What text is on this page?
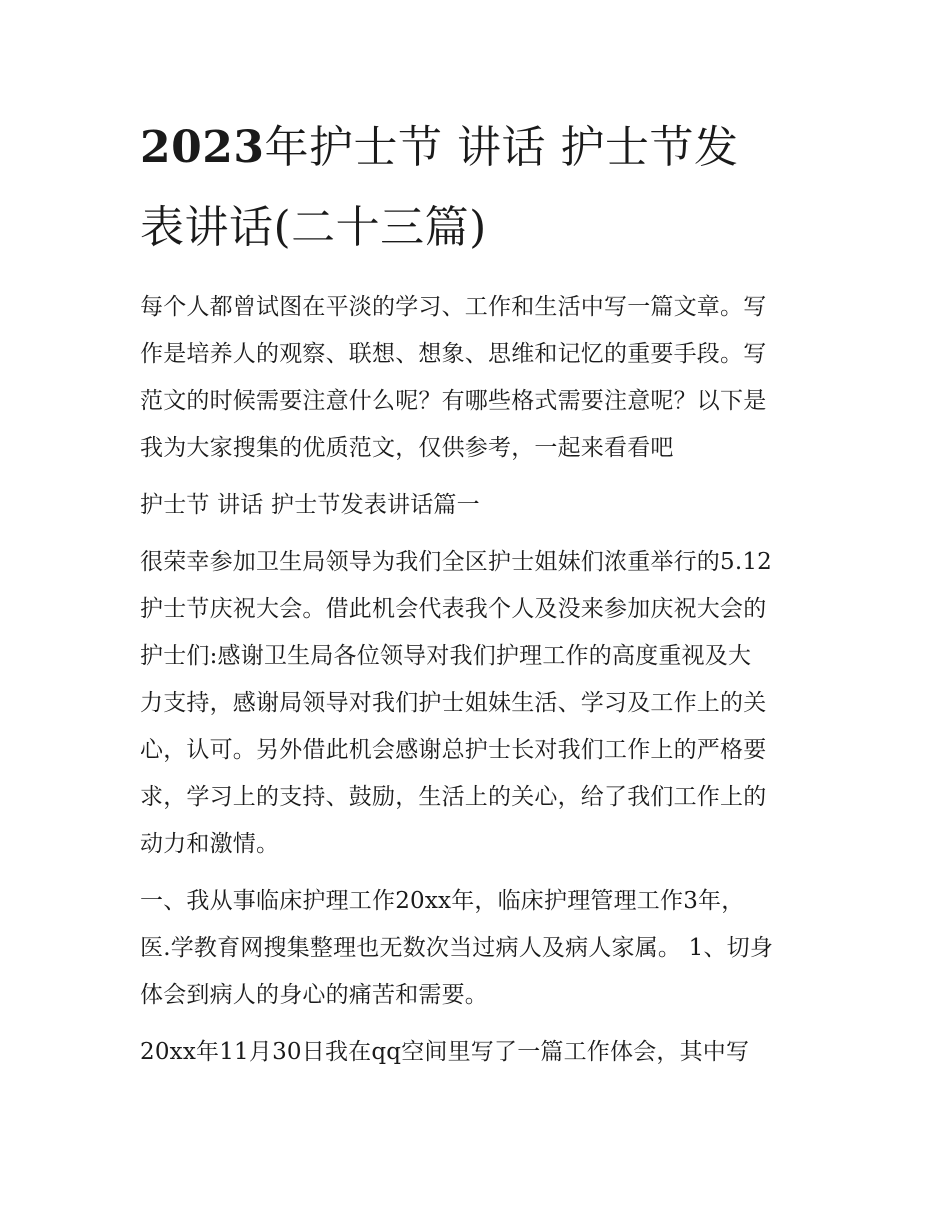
2023年护士节 讲话 护士节发
表讲话(二十三篇)

每个人都曾试图在平淡的学习、工作和生活中写一篇文章。写
作是培养人的观察、联想、想象、思维和记忆的重要手段。写
范文的时候需要注意什么呢？有哪些格式需要注意呢？以下是
我为大家搜集的优质范文，仅供参考，一起来看看吧

护士节 讲话 护士节发表讲话篇一

很荣幸参加卫生局领导为我们全区护士姐妹们浓重举行的5.12
护士节庆祝大会。借此机会代表我个人及没来参加庆祝大会的
护士们:感谢卫生局各位领导对我们护理工作的高度重视及大
力支持，感谢局领导对我们护士姐妹生活、学习及工作上的关
心，认可。另外借此机会感谢总护士长对我们工作上的严格要
求，学习上的支持、鼓励，生活上的关心，给了我们工作上的
动力和激情。

一、我从事临床护理工作20xx年，临床护理管理工作3年，
医.学教育网搜集整理也无数次当过病人及病人家属。 1、切身
体会到病人的身心的痛苦和需要。

20xx年11月30日我在qq空间里写了一篇工作体会，其中写
